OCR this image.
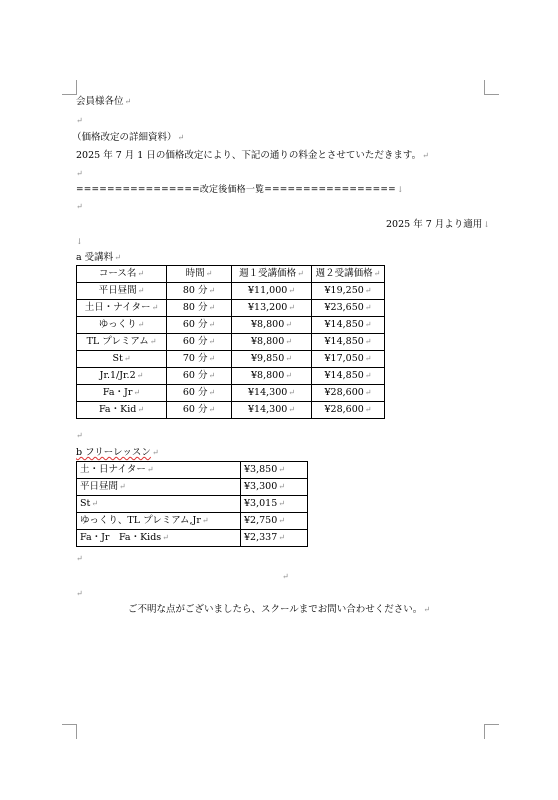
会員様各位↵
↵
（価格改定の詳細資料）↵
2025 年 7 月 1 日の価格改定により、下記の通りの料金とさせていただきます。↵
↵
================改定後価格一覧=================↓
↵
2025 年 7 月より適用↓
↓
a 受講料↵
コース名↵	時間↵	週１受講価格↵	週２受講価格↵
平日昼間↵	80 分↵	¥11,000↵	¥19,250↵
土日・ナイター↵	80 分↵	¥13,200↵	¥23,650↵
ゆっくり↵	60 分↵	¥8,800↵	¥14,850↵
TL プレミアム↵	60 分↵	¥8,800↵	¥14,850↵
St↵	70 分↵	¥9,850↵	¥17,050↵
Jr.1/Jr.2↵	60 分↵	¥8,800↵	¥14,850↵
Fa・Jr↵	60 分↵	¥14,300↵	¥28,600↵
Fa・Kid↵	60 分↵	¥14,300↵	¥28,600↵
↵
b フリーレッスン↵
土・日ナイター↵	¥3,850↵
平日昼間↵	¥3,300↵
St↵	¥3,015↵
ゆっくり、TL プレミアム,Jr↵	¥2,750↵
Fa・Jr　Fa・Kids↵	¥2,337↵
↵
↵
↵
ご不明な点がございましたら、スクールまでお問い合わせください。↵
